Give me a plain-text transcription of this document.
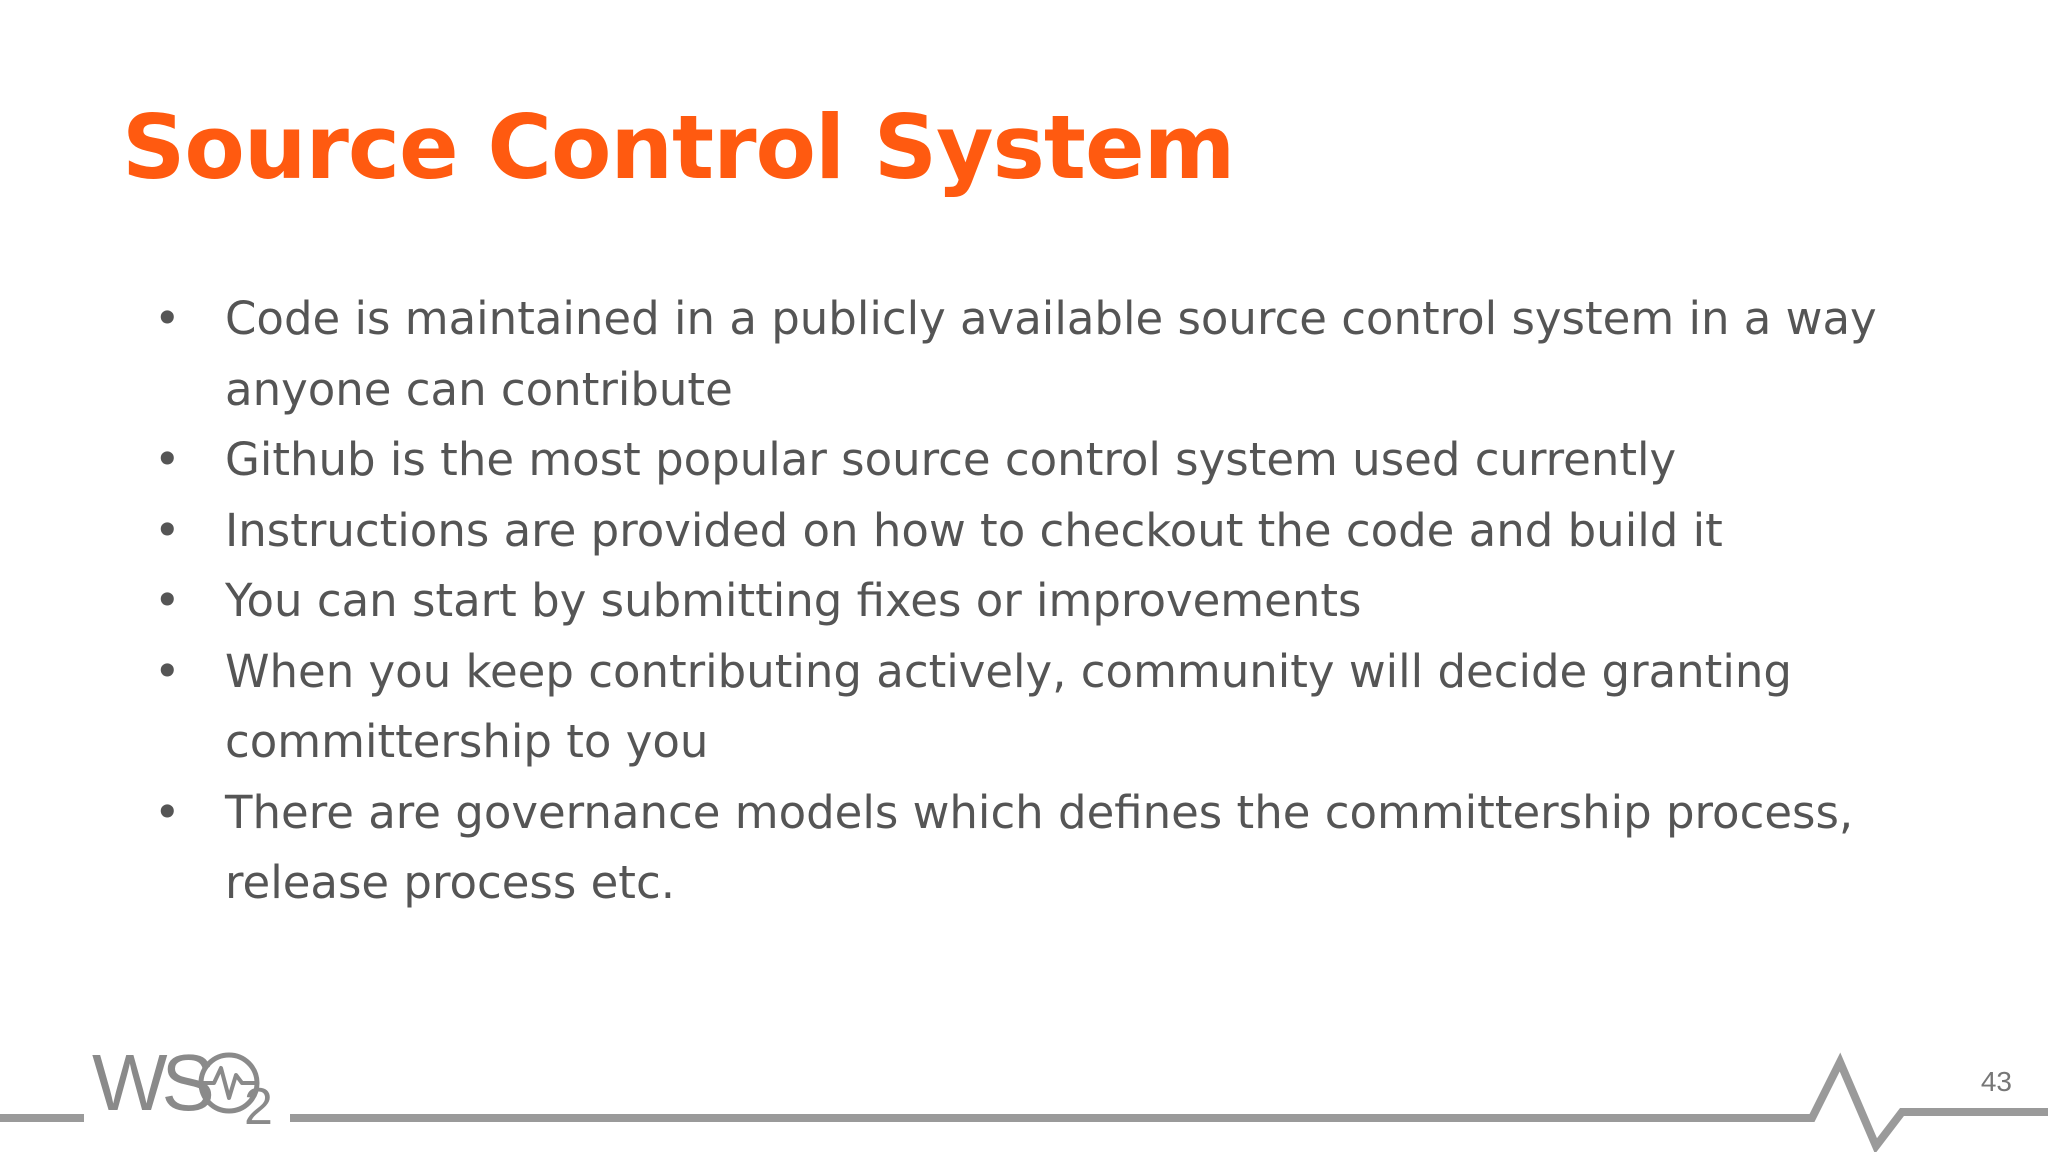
Source Control System
• Code is maintained in a publicly available source control system in a way anyone can contribute
• Github is the most popular source control system used currently
• Instructions are provided on how to checkout the code and build it
• You can start by submitting fixes or improvements
• When you keep contributing actively, community will decide granting committership to you
• There are governance models which defines the committership process, release process etc.
WS 2	43
